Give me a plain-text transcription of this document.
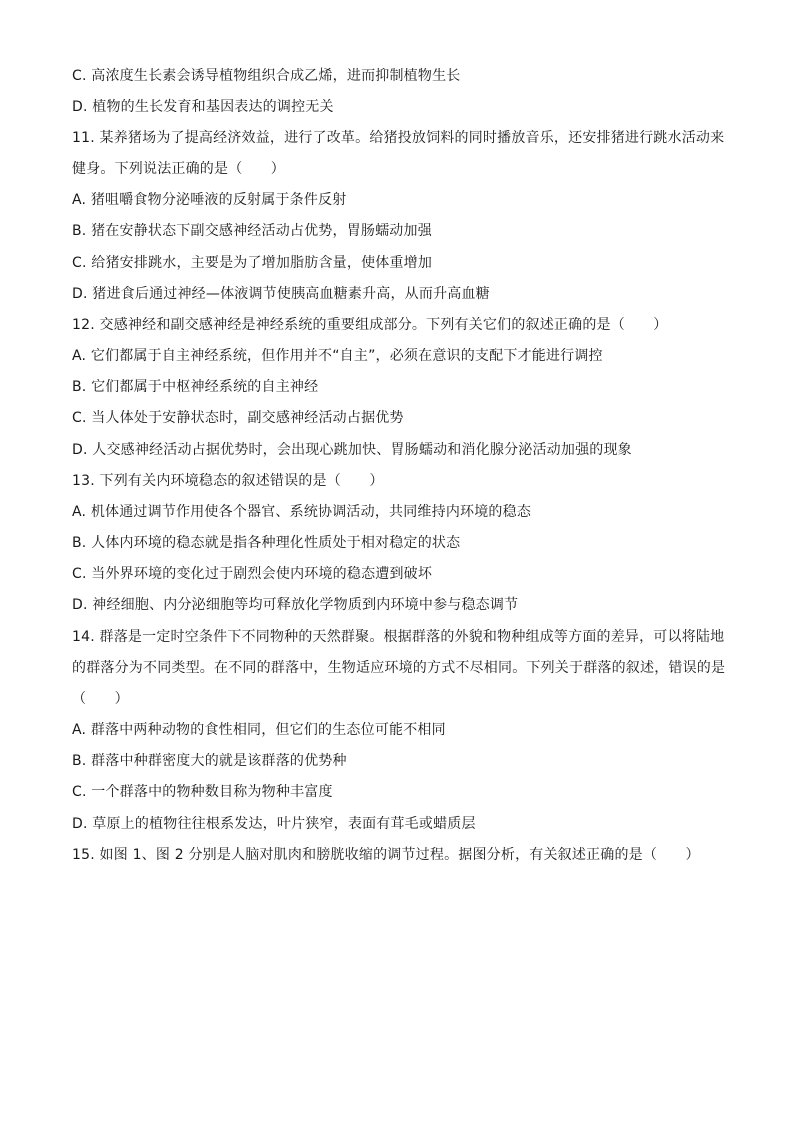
C. 高浓度生长素会诱导植物组织合成乙烯，进而抑制植物生长
D. 植物的生长发育和基因表达的调控无关
11. 某养猪场为了提高经济效益，进行了改革。给猪投放饲料的同时播放音乐，还安排猪进行跳水活动来
健身。下列说法正确的是（　　）
A. 猪咀嚼食物分泌唾液的反射属于条件反射
B. 猪在安静状态下副交感神经活动占优势，胃肠蠕动加强
C. 给猪安排跳水，主要是为了增加脂肪含量，使体重增加
D. 猪进食后通过神经—体液调节使胰高血糖素升高，从而升高血糖
12. 交感神经和副交感神经是神经系统的重要组成部分。下列有关它们的叙述正确的是（　　）
A. 它们都属于自主神经系统，但作用并不“自主”，必须在意识的支配下才能进行调控
B. 它们都属于中枢神经系统的自主神经
C. 当人体处于安静状态时，副交感神经活动占据优势
D. 人交感神经活动占据优势时，会出现心跳加快、胃肠蠕动和消化腺分泌活动加强的现象
13. 下列有关内环境稳态的叙述错误的是（　　）
A. 机体通过调节作用使各个器官、系统协调活动，共同维持内环境的稳态
B. 人体内环境的稳态就是指各种理化性质处于相对稳定的状态
C. 当外界环境的变化过于剧烈会使内环境的稳态遭到破坏
D. 神经细胞、内分泌细胞等均可释放化学物质到内环境中参与稳态调节
14. 群落是一定时空条件下不同物种的天然群聚。根据群落的外貌和物种组成等方面的差异，可以将陆地
的群落分为不同类型。在不同的群落中，生物适应环境的方式不尽相同。下列关于群落的叙述，错误的是
（　　）
A. 群落中两种动物的食性相同，但它们的生态位可能不相同
B. 群落中种群密度大的就是该群落的优势种
C. 一个群落中的物种数目称为物种丰富度
D. 草原上的植物往往根系发达，叶片狭窄，表面有茸毛或蜡质层
15. 如图 1、图 2 分别是人脑对肌肉和膀胱收缩的调节过程。据图分析，有关叙述正确的是（　　）
